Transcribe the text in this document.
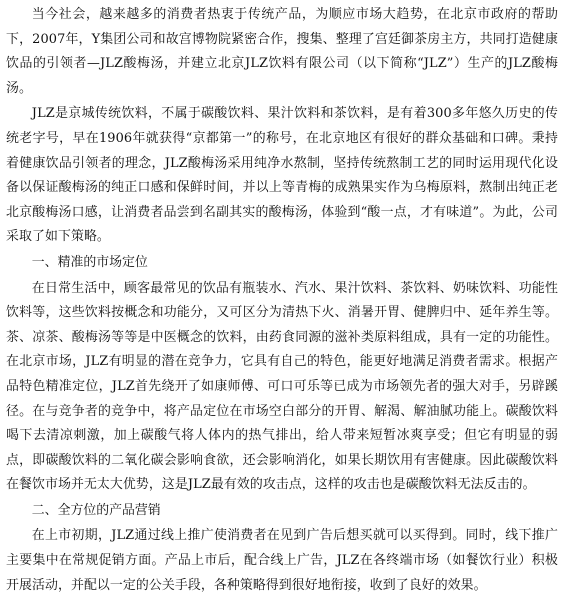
当今社会，越来越多的消费者热衷于传统产品，为顺应市场大趋势，在北京市政府的帮助下，2007年，Y集团公司和故宫博物院紧密合作，搜集、整理了宫廷御茶房主方，共同打造健康饮品的引领者—JLZ酸梅汤，并建立北京JLZ饮料有限公司（以下简称“JLZ”）生产的JLZ酸梅汤。

JLZ是京城传统饮料，不属于碳酸饮料、果汁饮料和茶饮料，是有着300多年悠久历史的传统老字号，早在1906年就获得“京都第一”的称号，在北京地区有很好的群众基础和口碑。秉持着健康饮品引领者的理念，JLZ酸梅汤采用纯净水熬制，坚持传统熬制工艺的同时运用现代化设备以保证酸梅汤的纯正口感和保鲜时间，并以上等青梅的成熟果实作为乌梅原料，熬制出纯正老北京酸梅汤口感，让消费者品尝到名副其实的酸梅汤，体验到“酸一点，才有味道”。为此，公司采取了如下策略。

一、精准的市场定位

在日常生活中，顾客最常见的饮品有瓶装水、汽水、果汁饮料、茶饮料、奶味饮料、功能性饮料等，这些饮料按概念和功能分，又可区分为清热下火、消暑开胃、健脾归中、延年养生等。茶、凉茶、酸梅汤等等是中医概念的饮料，由药食同源的滋补类原料组成，具有一定的功能性。在北京市场，JLZ有明显的潜在竞争力，它具有自己的特色，能更好地满足消费者需求。根据产品特色精准定位，JLZ首先绕开了如康师傅、可口可乐等已成为市场领先者的强大对手，另辟蹊径。在与竞争者的竞争中，将产品定位在市场空白部分的开胃、解渴、解油腻功能上。碳酸饮料喝下去清凉刺激，加上碳酸气将人体内的热气排出，给人带来短暂冰爽享受；但它有明显的弱点，即碳酸饮料的二氧化碳会影响食欲，还会影响消化，如果长期饮用有害健康。因此碳酸饮料在餐饮市场并无太大优势，这是JLZ最有效的攻击点，这样的攻击也是碳酸饮料无法反击的。

二、全方位的产品营销

在上市初期，JLZ通过线上推广使消费者在见到广告后想买就可以买得到。同时，线下推广主要集中在常规促销方面。产品上市后，配合线上广告，JLZ在各终端市场（如餐饮行业）积极开展活动，并配以一定的公关手段，各种策略得到很好地衔接，收到了良好的效果。
